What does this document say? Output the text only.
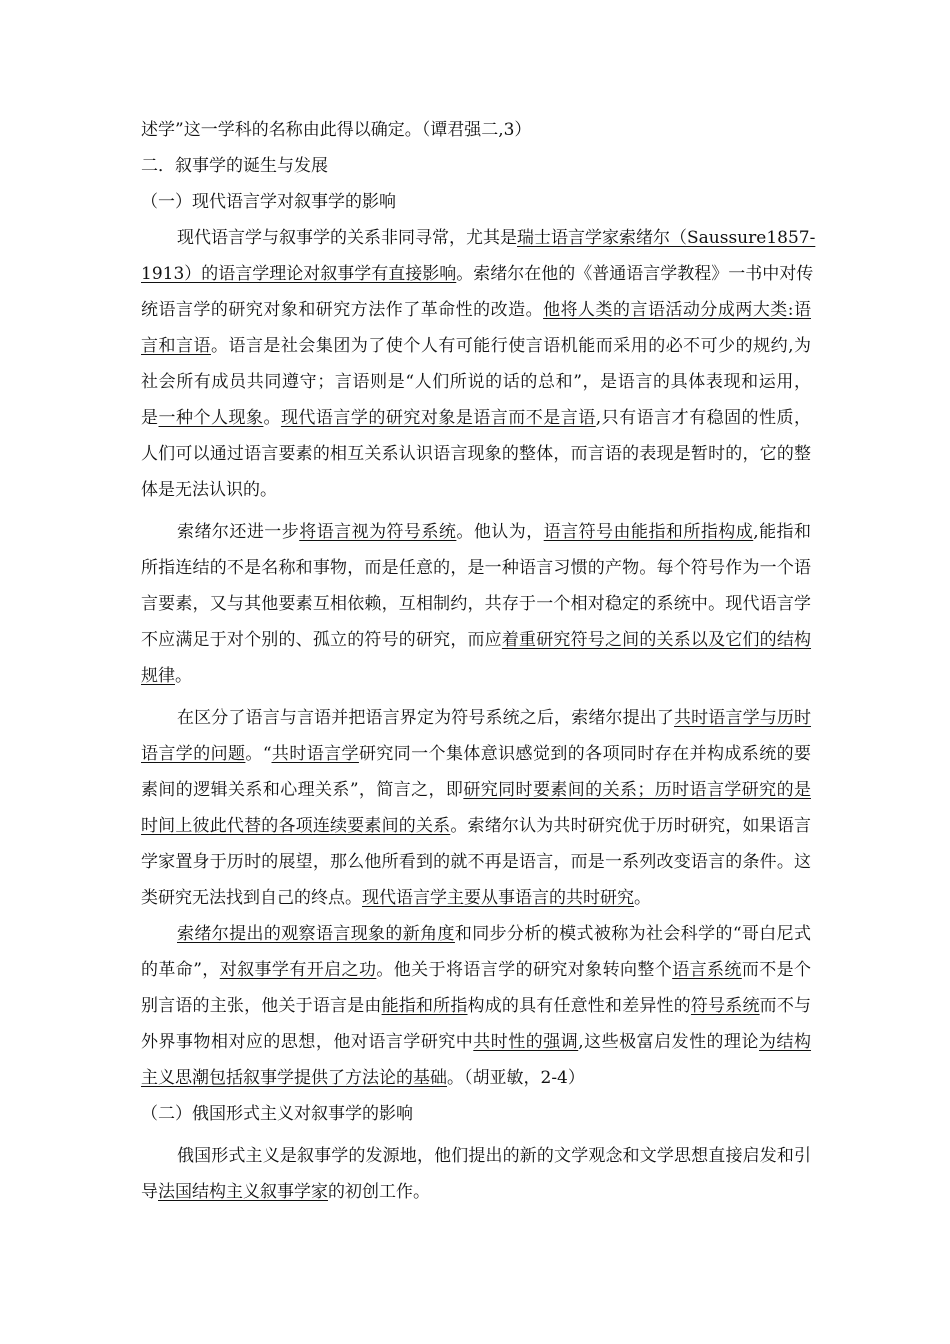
述学”这一学科的名称由此得以确定。（谭君强二,3）
二．叙事学的诞生与发展
（一）现代语言学对叙事学的影响
现代语言学与叙事学的关系非同寻常，尤其是瑞士语言学家索绪尔（Saussure1857-
1913）的语言学理论对叙事学有直接影响。索绪尔在他的《普通语言学教程》一书中对传
统语言学的研究对象和研究方法作了革命性的改造。他将人类的言语活动分成两大类:语
言和言语。语言是社会集团为了使个人有可能行使言语机能而采用的必不可少的规约,为
社会所有成员共同遵守；言语则是“人们所说的话的总和”，是语言的具体表现和运用，
是一种个人现象。现代语言学的研究对象是语言而不是言语,只有语言才有稳固的性质，
人们可以通过语言要素的相互关系认识语言现象的整体，而言语的表现是暂时的，它的整
体是无法认识的。
索绪尔还进一步将语言视为符号系统。他认为，语言符号由能指和所指构成,能指和
所指连结的不是名称和事物，而是任意的，是一种语言习惯的产物。每个符号作为一个语
言要素，又与其他要素互相依赖，互相制约，共存于一个相对稳定的系统中。现代语言学
不应满足于对个别的、孤立的符号的研究，而应着重研究符号之间的关系以及它们的结构
规律。
在区分了语言与言语并把语言界定为符号系统之后，索绪尔提出了共时语言学与历时
语言学的问题。“共时语言学研究同一个集体意识感觉到的各项同时存在并构成系统的要
素间的逻辑关系和心理关系”，简言之，即研究同时要素间的关系；历时语言学研究的是
时间上彼此代替的各项连续要素间的关系。索绪尔认为共时研究优于历时研究，如果语言
学家置身于历时的展望，那么他所看到的就不再是语言，而是一系列改变语言的条件。这
类研究无法找到自己的终点。现代语言学主要从事语言的共时研究。
索绪尔提出的观察语言现象的新角度和同步分析的模式被称为社会科学的“哥白尼式
的革命”，对叙事学有开启之功。他关于将语言学的研究对象转向整个语言系统而不是个
别言语的主张，他关于语言是由能指和所指构成的具有任意性和差异性的符号系统而不与
外界事物相对应的思想，他对语言学研究中共时性的强调,这些极富启发性的理论为结构
主义思潮包括叙事学提供了方法论的基础。（胡亚敏，2-4）
（二）俄国形式主义对叙事学的影响
俄国形式主义是叙事学的发源地，他们提出的新的文学观念和文学思想直接启发和引
导法国结构主义叙事学家的初创工作。
